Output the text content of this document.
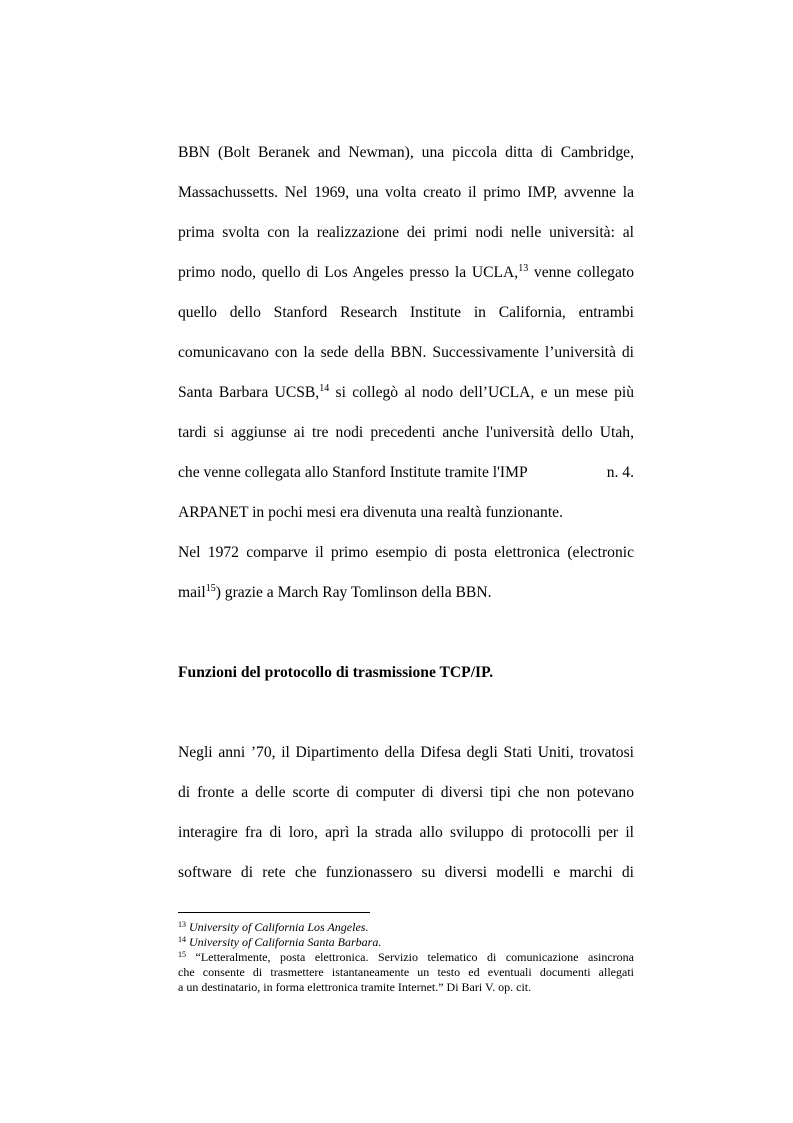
BBN (Bolt Beranek and Newman), una piccola ditta di Cambridge,
Massachussetts. Nel 1969, una volta creato il primo IMP, avvenne la
prima svolta con la realizzazione dei primi nodi nelle università: al
primo nodo, quello di Los Angeles presso la UCLA,$^{13}$ venne collegato
quello dello Stanford Research Institute in California, entrambi
comunicavano con la sede della BBN. Successivamente l’università di
Santa Barbara UCSB,$^{14}$ si collegò al nodo dell’UCLA, e un mese più
tardi si aggiunse ai tre nodi precedenti anche l'università dello Utah,
che venne collegata allo Stanford Institute tramite l'IMP	n. 4.
ARPANET in pochi mesi era divenuta una realtà funzionante.
Nel 1972 comparve il primo esempio di posta elettronica (electronic
mail$^{15}$) grazie a March Ray Tomlinson della BBN.
Funzioni del protocollo di trasmissione TCP/IP.
Negli anni ’70, il Dipartimento della Difesa degli Stati Uniti, trovatosi
di fronte a delle scorte di computer di diversi tipi che non potevano
interagire fra di loro, aprì la strada allo sviluppo di protocolli per il
software di rete che funzionassero su diversi modelli e marchi di
$^{13}$ University of California Los Angeles.
$^{14}$ University of California Santa Barbara.
$^{15}$ “Letteralmente, posta elettronica. Servizio telematico di comunicazione asincrona
che consente di trasmettere istantaneamente un testo ed eventuali documenti allegati
a un destinatario, in forma elettronica tramite Internet.” Di Bari V. op. cit.
